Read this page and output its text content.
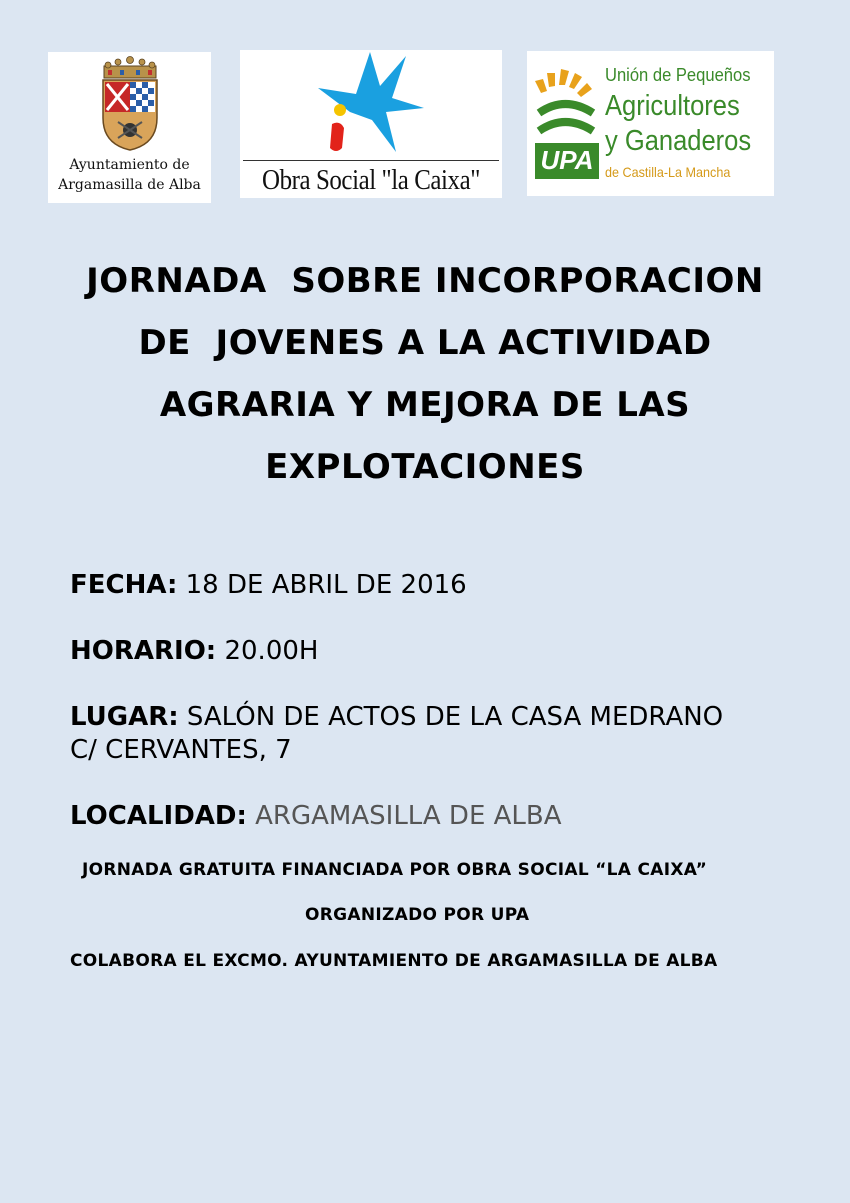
Ayuntamiento de
Argamasilla de Alba	Obra Social "la Caixa"
UPA
Unión de Pequeños
Agricultores
y Ganaderos
de Castilla-La Mancha
JORNADA  SOBRE INCORPORACION
DE  JOVENES A LA ACTIVIDAD
AGRARIA Y MEJORA DE LAS
EXPLOTACIONES
FECHA: 18 DE ABRIL DE 2016
HORARIO: 20.00H
LUGAR: SALÓN DE ACTOS DE LA CASA MEDRANO
C/ CERVANTES, 7
LOCALIDAD: ARGAMASILLA DE ALBA
JORNADA GRATUITA FINANCIADA POR OBRA SOCIAL “LA CAIXA”
ORGANIZADO POR UPA
COLABORA EL EXCMO. AYUNTAMIENTO DE ARGAMASILLA DE ALBA
